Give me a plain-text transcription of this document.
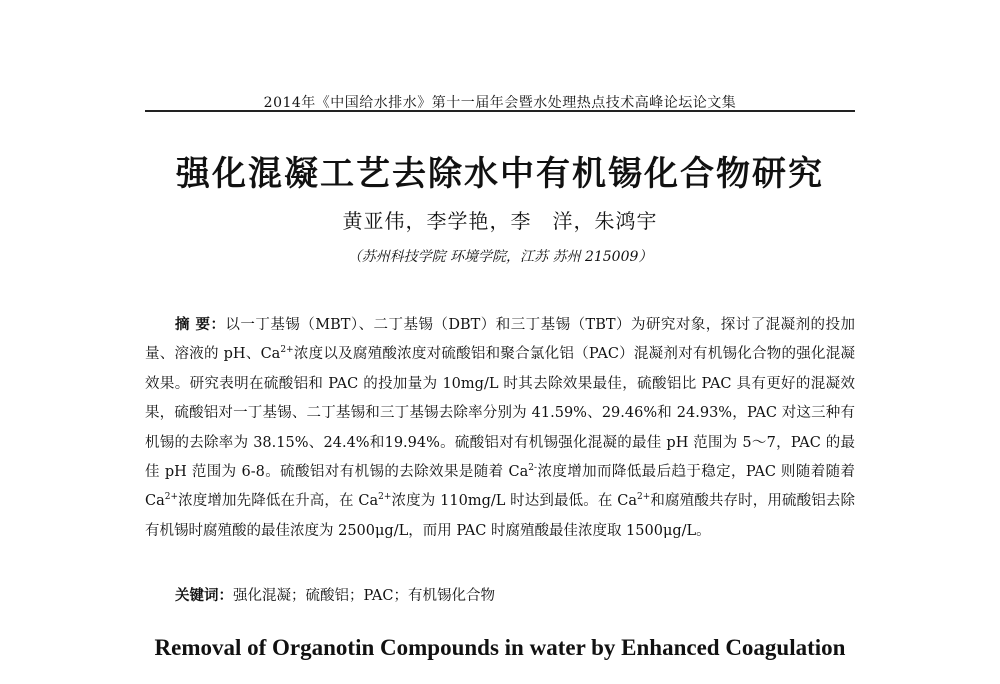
2014年《中国给水排水》第十一届年会暨水处理热点技术高峰论坛论文集
强化混凝工艺去除水中有机锡化合物研究
黄亚伟，李学艳，李　洋，朱鸿宇
（苏州科技学院 环境学院，江苏 苏州 215009）
摘 要：以一丁基锡（MBT）、二丁基锡（DBT）和三丁基锡（TBT）为研究对象，探讨了混凝剂的投加量、溶液的 pH、$Ca^{2+}$浓度以及腐殖酸浓度对硫酸铝和聚合氯化铝（PAC）混凝剂对有机锡化合物的强化混凝效果。研究表明在硫酸铝和 PAC 的投加量为 10mg/L 时其去除效果最佳，硫酸铝比 PAC 具有更好的混凝效果，硫酸铝对一丁基锡、二丁基锡和三丁基锡去除率分别为 41.59%、29.46%和 24.93%，PAC 对这三种有机锡的去除率为 38.15%、24.4%和19.94%。硫酸铝对有机锡强化混凝的最佳 pH 范围为 5～7，PAC 的最佳 pH 范围为 6-8。硫酸铝对有机锡的去除效果是随着 $Ca^{2-}$浓度增加而降低最后趋于稳定，PAC 则随着随着 $Ca^{2+}$浓度增加先降低在升高，在 $Ca^{2+}$浓度为 110mg/L 时达到最低。在 $Ca^{2+}$和腐殖酸共存时，用硫酸铝去除有机锡时腐殖酸的最佳浓度为 2500μg/L，而用 PAC 时腐殖酸最佳浓度取 1500μg/L。
关键词：强化混凝；硫酸铝；PAC；有机锡化合物
Removal of Organotin Compounds in water by Enhanced Coagulation
